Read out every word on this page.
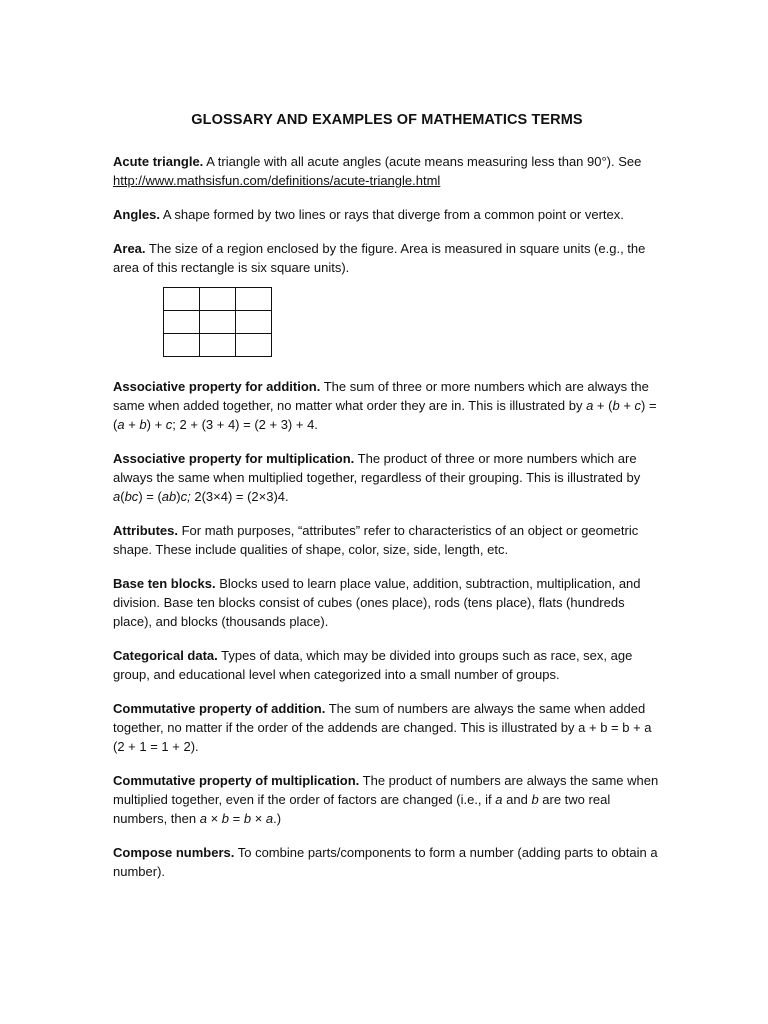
GLOSSARY AND EXAMPLES OF MATHEMATICS TERMS

Acute triangle. A triangle with all acute angles (acute means measuring less than 90°). See http://www.mathsisfun.com/definitions/acute-triangle.html

Angles. A shape formed by two lines or rays that diverge from a common point or vertex.

Area. The size of a region enclosed by the figure. Area is measured in square units (e.g., the area of this rectangle is six square units).

Associative property for addition. The sum of three or more numbers which are always the same when added together, no matter what order they are in. This is illustrated by a + (b + c) = (a + b) + c; 2 + (3 + 4) = (2 + 3) + 4.

Associative property for multiplication. The product of three or more numbers which are always the same when multiplied together, regardless of their grouping. This is illustrated by a(bc) = (ab)c; 2(3×4) = (2×3)4.

Attributes. For math purposes, “attributes” refer to characteristics of an object or geometric shape. These include qualities of shape, color, size, side, length, etc.

Base ten blocks. Blocks used to learn place value, addition, subtraction, multiplication, and division. Base ten blocks consist of cubes (ones place), rods (tens place), flats (hundreds place), and blocks (thousands place).

Categorical data. Types of data, which may be divided into groups such as race, sex, age group, and educational level when categorized into a small number of groups.

Commutative property of addition. The sum of numbers are always the same when added together, no matter if the order of the addends are changed. This is illustrated by a + b = b + a (2 + 1 = 1 + 2).

Commutative property of multiplication. The product of numbers are always the same when multiplied together, even if the order of factors are changed (i.e., if a and b are two real numbers, then a × b = b × a.)

Compose numbers. To combine parts/components to form a number (adding parts to obtain a number).
